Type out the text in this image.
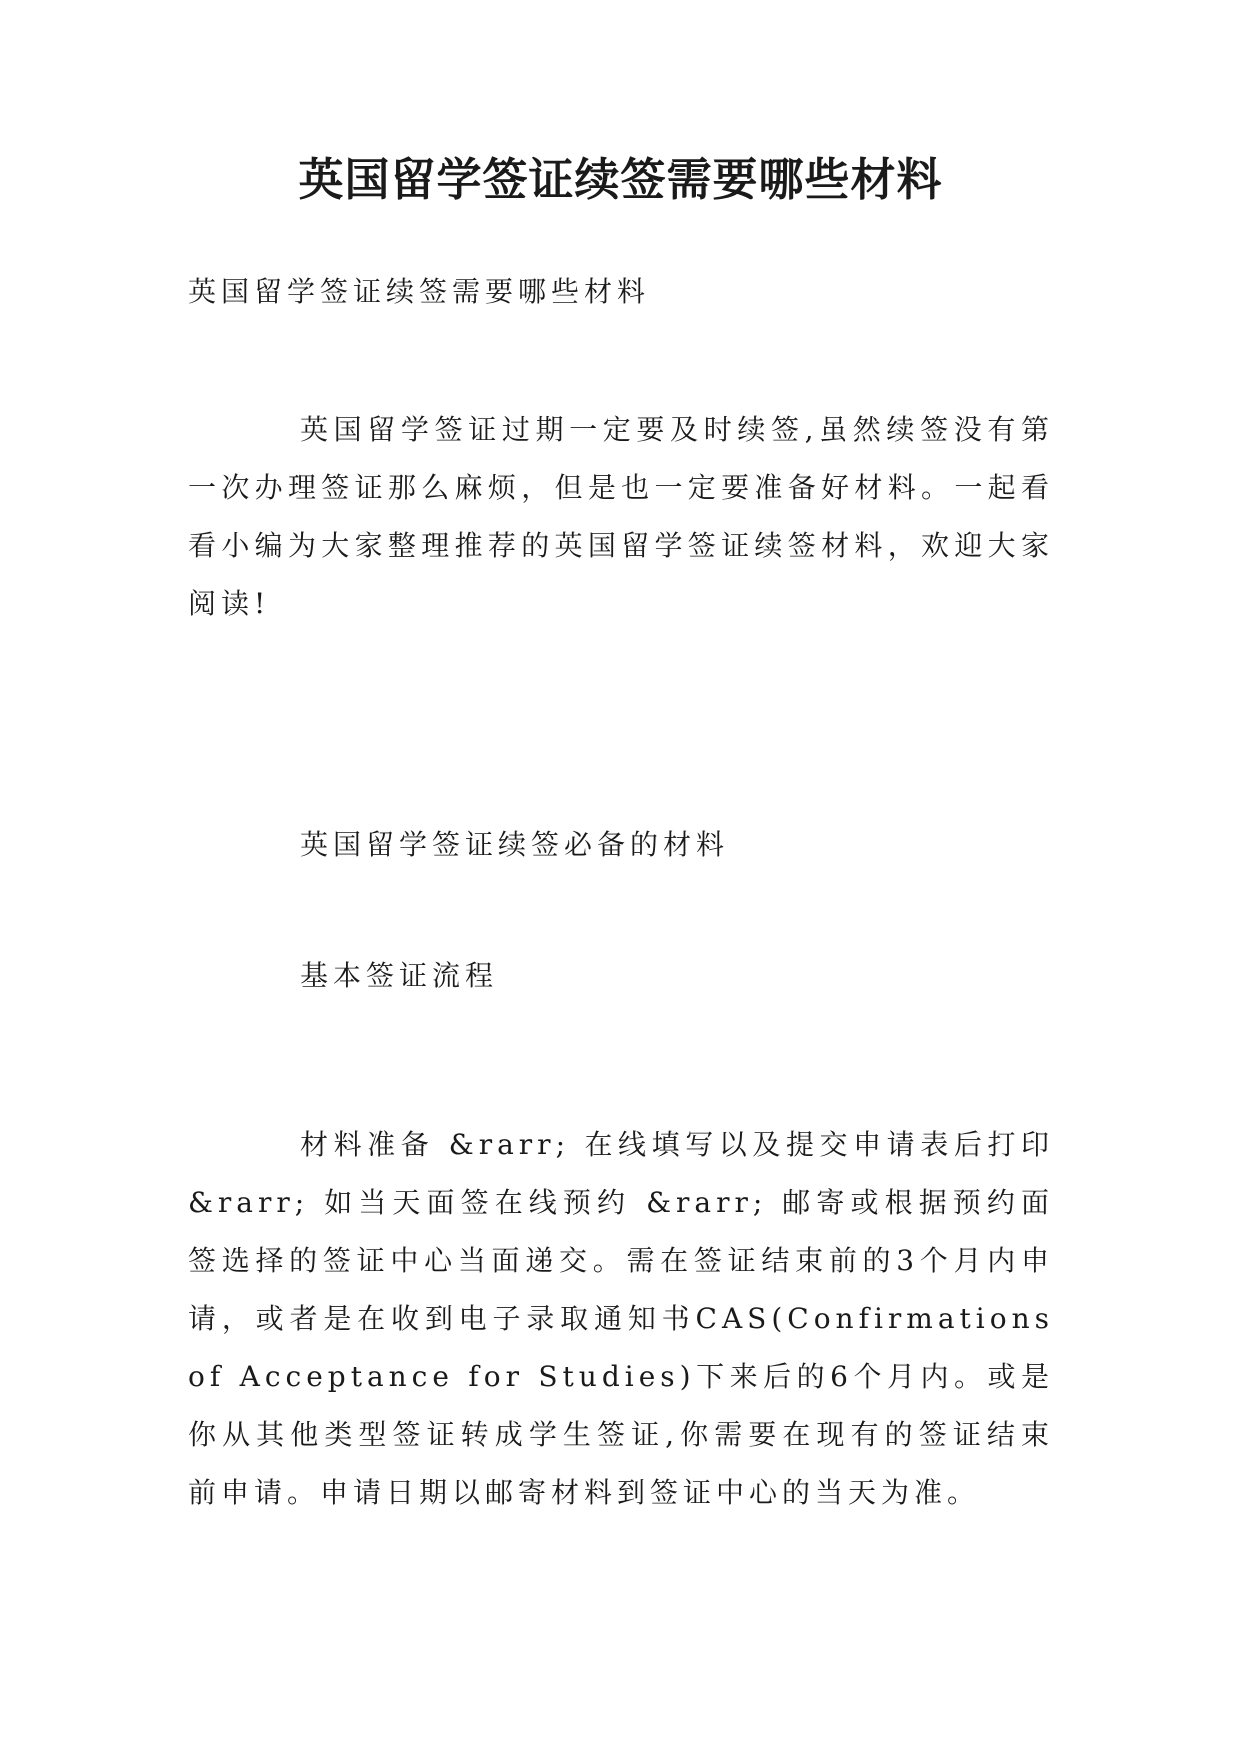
英国留学签证续签需要哪些材料

英国留学签证续签需要哪些材料

英国留学签证过期一定要及时续签,虽然续签没有第一次办理签证那么麻烦，但是也一定要准备好材料。一起看看小编为大家整理推荐的英国留学签证续签材料，欢迎大家阅读!

英国留学签证续签必备的材料

基本签证流程

材料准备 &rarr; 在线填写以及提交申请表后打印 &rarr; 如当天面签在线预约 &rarr; 邮寄或根据预约面签选择的签证中心当面递交。需在签证结束前的3个月内申请，或者是在收到电子录取通知书CAS(Confirmations of Acceptance for Studies)下来后的6个月内。或是你从其他类型签证转成学生签证,你需要在现有的签证结束前申请。申请日期以邮寄材料到签证中心的当天为准。
